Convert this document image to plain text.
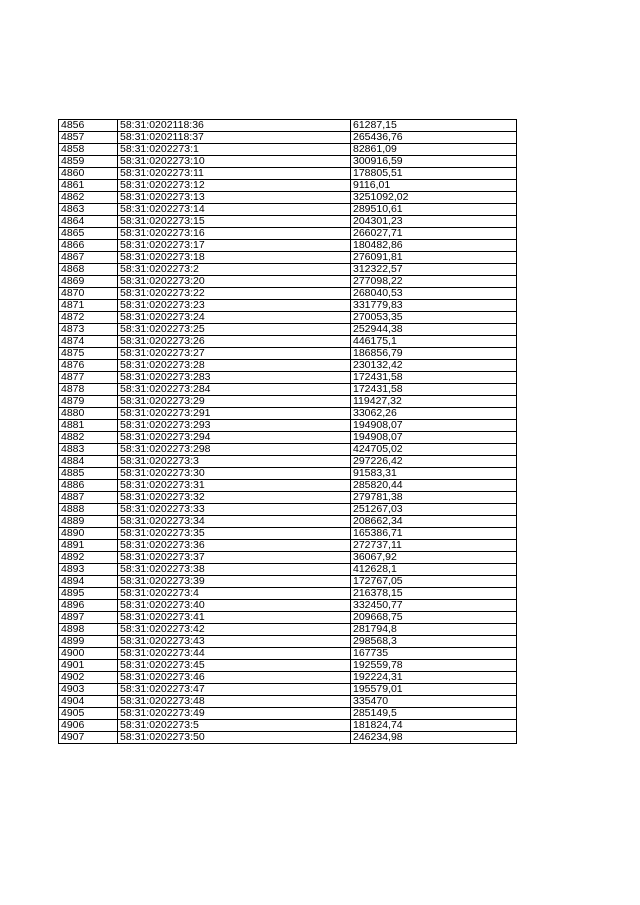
4856	58:31:0202118:36	61287,15
4857	58:31:0202118:37	265436,76
4858	58:31:0202273:1	82861,09
4859	58:31:0202273:10	300916,59
4860	58:31:0202273:11	178805,51
4861	58:31:0202273:12	9116,01
4862	58:31:0202273:13	3251092,02
4863	58:31:0202273:14	289510,61
4864	58:31:0202273:15	204301,23
4865	58:31:0202273:16	266027,71
4866	58:31:0202273:17	180482,86
4867	58:31:0202273:18	276091,81
4868	58:31:0202273:2	312322,57
4869	58:31:0202273:20	277098,22
4870	58:31:0202273:22	268040,53
4871	58:31:0202273:23	331779,83
4872	58:31:0202273:24	270053,35
4873	58:31:0202273:25	252944,38
4874	58:31:0202273:26	446175,1
4875	58:31:0202273:27	186856,79
4876	58:31:0202273:28	230132,42
4877	58:31:0202273:283	172431,58
4878	58:31:0202273:284	172431,58
4879	58:31:0202273:29	119427,32
4880	58:31:0202273:291	33062,26
4881	58:31:0202273:293	194908,07
4882	58:31:0202273:294	194908,07
4883	58:31:0202273:298	424705,02
4884	58:31:0202273:3	297226,42
4885	58:31:0202273:30	91583,31
4886	58:31:0202273:31	285820,44
4887	58:31:0202273:32	279781,38
4888	58:31:0202273:33	251267,03
4889	58:31:0202273:34	208662,34
4890	58:31:0202273:35	165386,71
4891	58:31:0202273:36	272737,11
4892	58:31:0202273:37	36067,92
4893	58:31:0202273:38	412628,1
4894	58:31:0202273:39	172767,05
4895	58:31:0202273:4	216378,15
4896	58:31:0202273:40	332450,77
4897	58:31:0202273:41	209668,75
4898	58:31:0202273:42	281794,8
4899	58:31:0202273:43	298568,3
4900	58:31:0202273:44	167735
4901	58:31:0202273:45	192559,78
4902	58:31:0202273:46	192224,31
4903	58:31:0202273:47	195579,01
4904	58:31:0202273:48	335470
4905	58:31:0202273:49	285149,5
4906	58:31:0202273:5	181824,74
4907	58:31:0202273:50	246234,98
